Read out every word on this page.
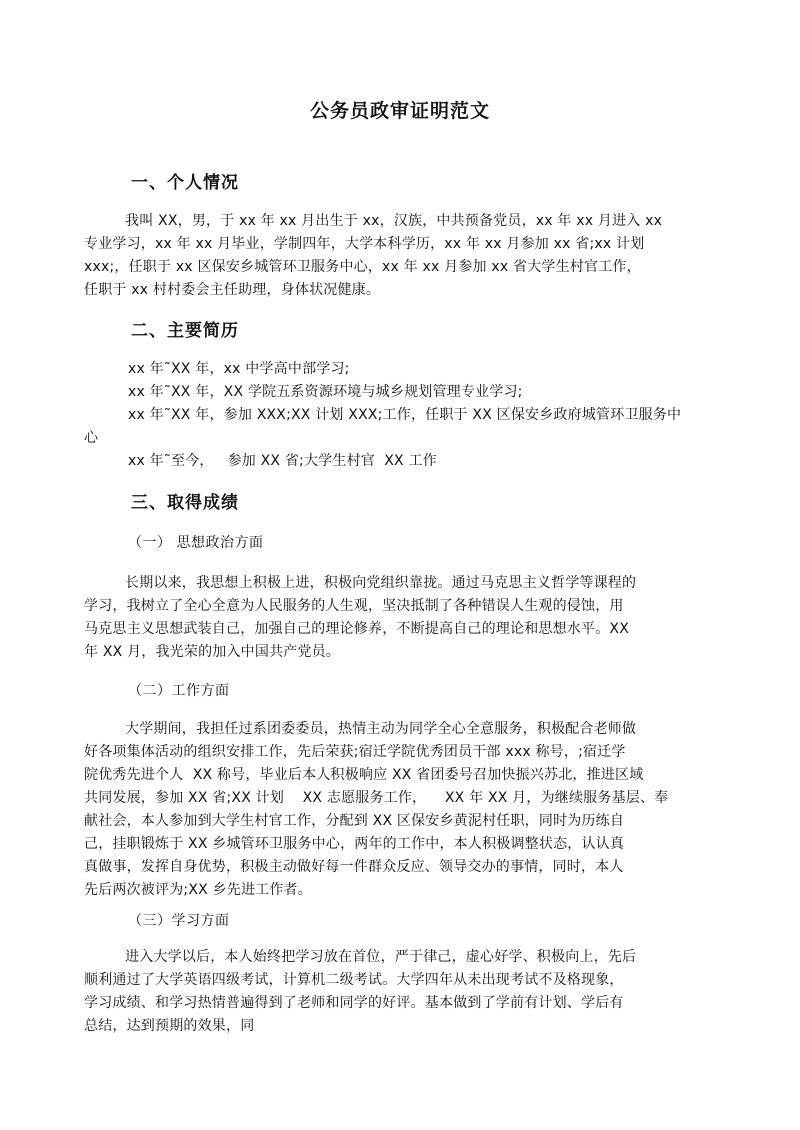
公务员政审证明范文
一、个人情况
我叫 XX，男，于 xx 年 xx 月出生于 xx，汉族，中共预备党员，xx 年 xx 月进入 xx
专业学习，xx 年 xx 月毕业，学制四年，大学本科学历，xx 年 xx 月参加 xx 省;xx 计划
xxx;，任职于 xx 区保安乡城管环卫服务中心，xx 年 xx 月参加 xx 省大学生村官工作，
任职于 xx 村村委会主任助理，身体状况健康。
二、主要简历
xx 年˜XX 年，xx 中学高中部学习;
xx 年˜XX 年，XX 学院五系资源环境与城乡规划管理专业学习;
xx 年˜XX 年，参加 XXX;XX 计划 XXX;工作，任职于 XX 区保安乡政府城管环卫服务中
心
xx 年˜至今，   参加 XX 省;大学生村官  XX 工作
三、取得成绩
（一） 思想政治方面
长期以来，我思想上积极上进，积极向党组织靠拢。通过马克思主义哲学等课程的
学习，我树立了全心全意为人民服务的人生观，坚决抵制了各种错误人生观的侵蚀，用
马克思主义思想武装自己，加强自己的理论修养，不断提高自己的理论和思想水平。XX
年 XX 月，我光荣的加入中国共产党员。
（二）工作方面
大学期间，我担任过系团委委员，热情主动为同学全心全意服务，积极配合老师做
好各项集体活动的组织安排工作，先后荣获;宿迁学院优秀团员干部 xxx 称号，;宿迁学
院优秀先进个人  XX 称号，毕业后本人积极响应 XX 省团委号召加快振兴苏北，推进区域
共同发展，参加 XX 省;XX 计划    XX 志愿服务工作，    XX 年 XX 月，为继续服务基层、奉
献社会，本人参加到大学生村官工作，分配到 XX 区保安乡黄泥村任职，同时为历练自
己，挂职锻炼于 XX 乡城管环卫服务中心，两年的工作中，本人积极调整状态，认认真
真做事，发挥自身优势，积极主动做好每一件群众反应、领导交办的事情，同时，本人
先后两次被评为;XX 乡先进工作者。
（三）学习方面
进入大学以后，本人始终把学习放在首位，严于律己，虚心好学、积极向上，先后
顺利通过了大学英语四级考试，计算机二级考试。大学四年从未出现考试不及格现象，
学习成绩、和学习热情普遍得到了老师和同学的好评。基本做到了学前有计划、学后有
总结，达到预期的效果，同
